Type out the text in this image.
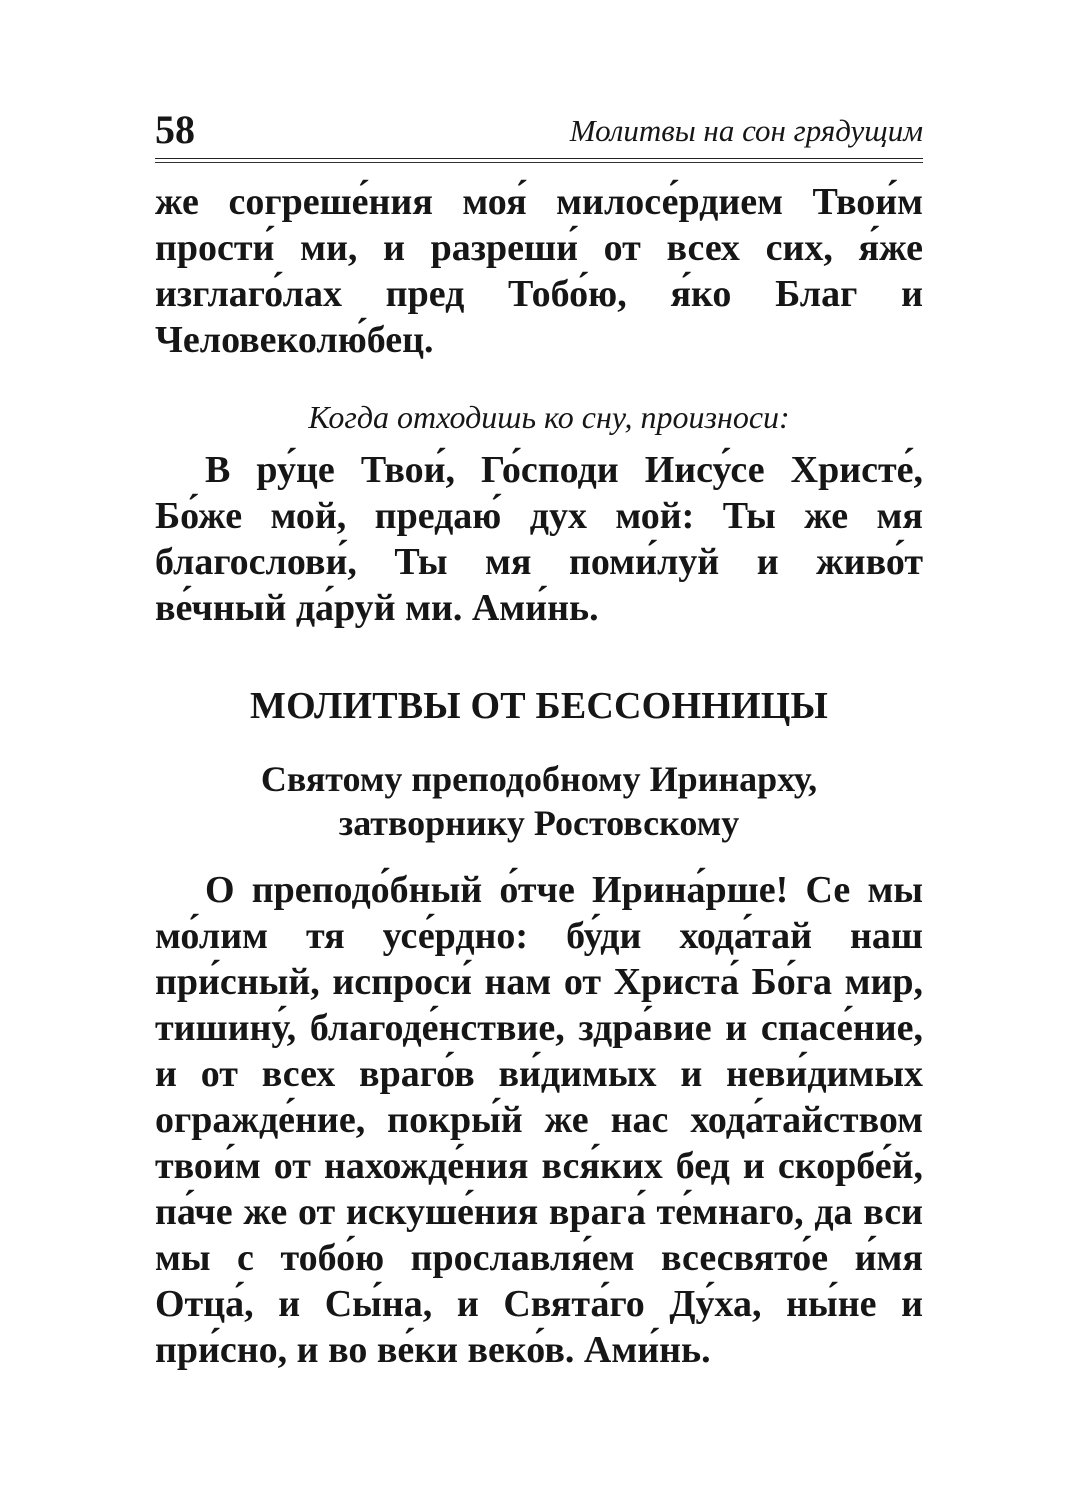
58	Молитвы на сон грядущим

же согреше́ния моя́ милосе́рдием Твои́м прости́ ми, и разреши́ от всех сих, я́же изглаго́лах пред Тобо́ю, я́ко Благ и Человеколю́бец.

Когда отходишь ко сну, произноси:

В ру́це Твои́, Го́споди Иису́се Христе́, Бо́же мой, предаю́ дух мой: Ты же мя благослови́, Ты мя поми́луй и живо́т ве́чный да́руй ми. Ами́нь.

МОЛИТВЫ ОТ БЕССОННИЦЫ
Святому преподобному Иринарху,
затворнику Ростовскому

О преподо́бный о́тче Ирина́рше! Се мы мо́лим тя усе́рдно: бу́ди хода́тай наш при́сный, испроси́ нам от Христа́ Бо́га мир, тишину́, благоде́нствие, здра́вие и спасе́ние, и от всех враго́в ви́димых и неви́димых огражде́ние, покры́й же нас хода́тайством твои́м от нахожде́ния вся́ких бед и скорбе́й, па́че же от искуше́ния врага́ те́мнаго, да вси мы с тобо́ю прославля́ем всесвято́е и́мя Отца́, и Сы́на, и Свята́го Ду́ха, ны́не и при́сно, и во ве́ки веко́в. Ами́нь.
